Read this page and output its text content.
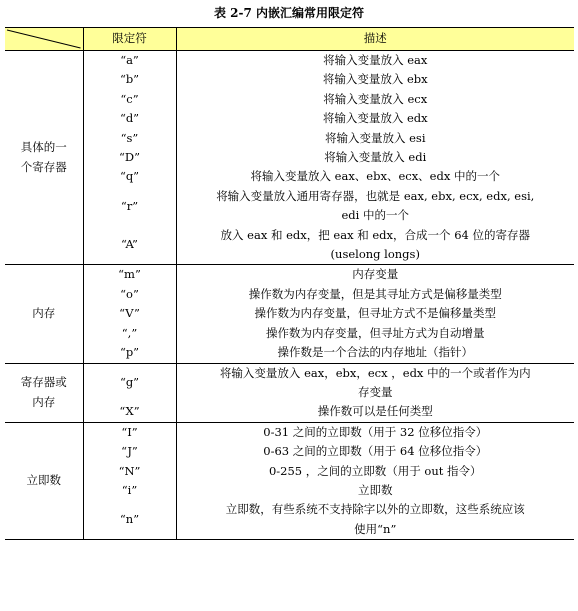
表 2-7 内嵌汇编常用限定符
	限定符	描述
具体的一
个寄存器	“a”	将输入变量放入 eax
	“b”	将输入变量放入 ebx
	“c”	将输入变量放入 ecx
	“d”	将输入变量放入 edx
	“s”	将输入变量放入 esi
	“D”	将输入变量放入 edi
	“q”	将输入变量放入 eax、ebx、ecx、edx 中的一个
	“r”	将输入变量放入通用寄存器，也就是 eax, ebx, ecx, edx, esi,
edi 中的一个
	“A”	放入 eax 和 edx，把 eax 和 edx，合成一个 64 位的寄存器
(uselong longs)
内存	“m”	内存变量
	“o”	操作数为内存变量，但是其寻址方式是偏移量类型
	“V”	操作数为内存变量，但寻址方式不是偏移量类型
	“,”	操作数为内存变量，但寻址方式为自动增量
	“p”	操作数是一个合法的内存地址（指针）
寄存器或
内存	“g”	将输入变量放入 eax，ebx，ecx ，edx 中的一个或者作为内
存变量
	“X”	操作数可以是任何类型
立即数	“I”	0-31 之间的立即数（用于 32 位移位指令）
	“J”	0-63 之间的立即数（用于 64 位移位指令）
	“N”	0-255 ，之间的立即数（用于 out 指令）
	“i”	立即数
	“n”	立即数，有些系统不支持除字以外的立即数，这些系统应该
使用“n”
